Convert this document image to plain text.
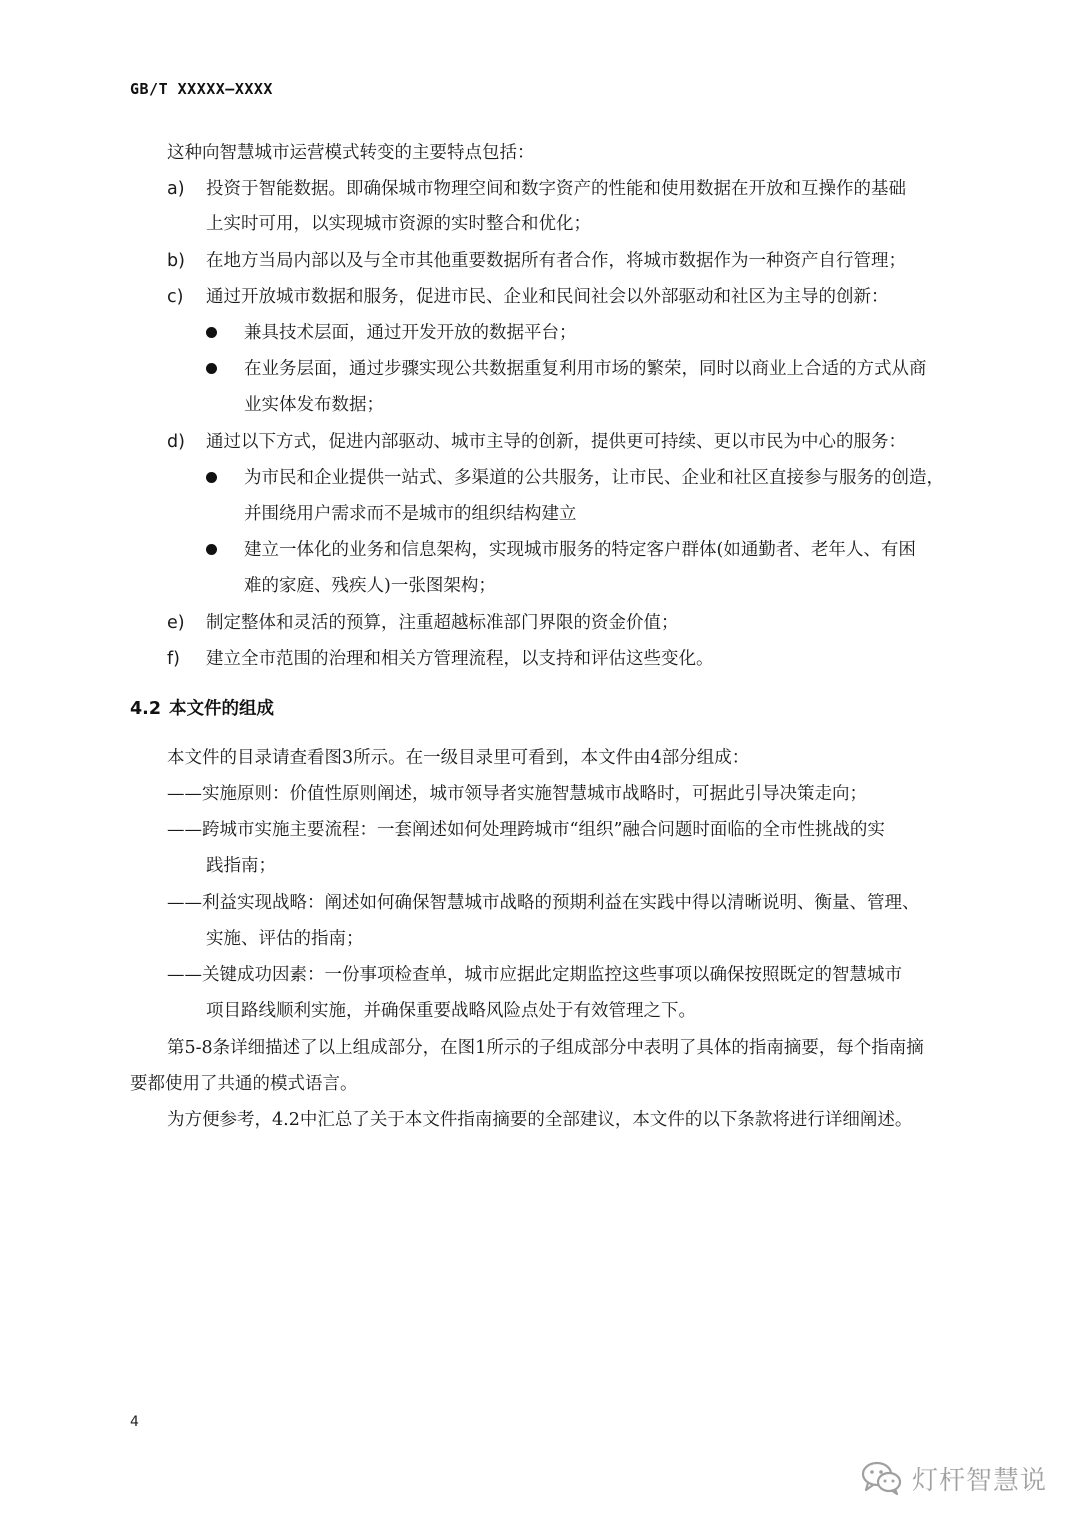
GB/T XXXXX—XXXX
这种向智慧城市运营模式转变的主要特点包括：
a) 投资于智能数据。即确保城市物理空间和数字资产的性能和使用数据在开放和互操作的基础
上实时可用，以实现城市资源的实时整合和优化；
b) 在地方当局内部以及与全市其他重要数据所有者合作，将城市数据作为一种资产自行管理；
c) 通过开放城市数据和服务，促进市民、企业和民间社会以外部驱动和社区为主导的创新：
兼具技术层面，通过开发开放的数据平台；
在业务层面，通过步骤实现公共数据重复利用市场的繁荣，同时以商业上合适的方式从商
业实体发布数据；
d) 通过以下方式，促进内部驱动、城市主导的创新，提供更可持续、更以市民为中心的服务：
为市民和企业提供一站式、多渠道的公共服务，让市民、企业和社区直接参与服务的创造，
并围绕用户需求而不是城市的组织结构建立
建立一体化的业务和信息架构，实现城市服务的特定客户群体(如通勤者、老年人、有困
难的家庭、残疾人)一张图架构；
e) 制定整体和灵活的预算，注重超越标准部门界限的资金价值；
f) 建立全市范围的治理和相关方管理流程，以支持和评估这些变化。
4.2 本文件的组成
本文件的目录请查看图3所示。在一级目录里可看到，本文件由4部分组成：
——实施原则：价值性原则阐述，城市领导者实施智慧城市战略时，可据此引导决策走向；
——跨城市实施主要流程：一套阐述如何处理跨城市“组织”融合问题时面临的全市性挑战的实
践指南；
——利益实现战略：阐述如何确保智慧城市战略的预期利益在实践中得以清晰说明、衡量、管理、
实施、评估的指南；
——关键成功因素：一份事项检查单，城市应据此定期监控这些事项以确保按照既定的智慧城市
项目路线顺利实施，并确保重要战略风险点处于有效管理之下。
第5-8条详细描述了以上组成部分，在图1所示的子组成部分中表明了具体的指南摘要，每个指南摘
要都使用了共通的模式语言。
为方便参考，4.2中汇总了关于本文件指南摘要的全部建议，本文件的以下条款将进行详细阐述。
4
灯杆智慧说
